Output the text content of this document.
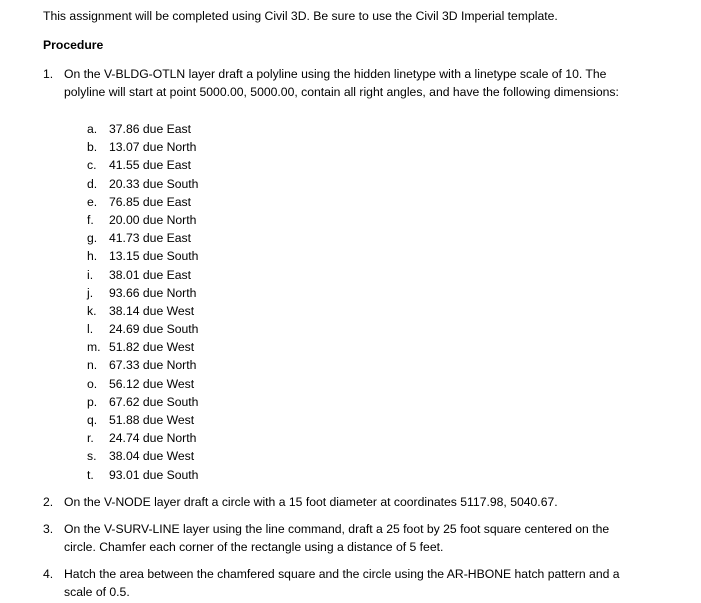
This assignment will be completed using Civil 3D. Be sure to use the Civil 3D Imperial template.
Procedure
1. On the V-BLDG-OTLN layer draft a polyline using the hidden linetype with a linetype scale of 10. The polyline will start at point 5000.00, 5000.00, contain all right angles, and have the following dimensions:
a. 37.86 due East
b. 13.07 due North
c.	41.55 due East
d. 20.33 due South
e. 76.85 due East
f.	20.00 due North
g. 41.73 due East
h. 13.15 due South
i.	38.01 due East
j.	93.66 due North
k.	38.14 due West
l.	24.69 due South
m. 51.82 due West
n. 67.33 due North
o. 56.12 due West
p. 67.62 due South
q. 51.88 due West
r.	24.74 due North
s.	38.04 due West
t.	93.01 due South
2. On the V-NODE layer draft a circle with a 15 foot diameter at coordinates 5117.98, 5040.67.
3. On the V-SURV-LINE layer using the line command, draft a 25 foot by 25 foot square centered on the circle. Chamfer each corner of the rectangle using a distance of 5 feet.
4. Hatch the area between the chamfered square and the circle using the AR-HBONE hatch pattern and a scale of 0.5.
